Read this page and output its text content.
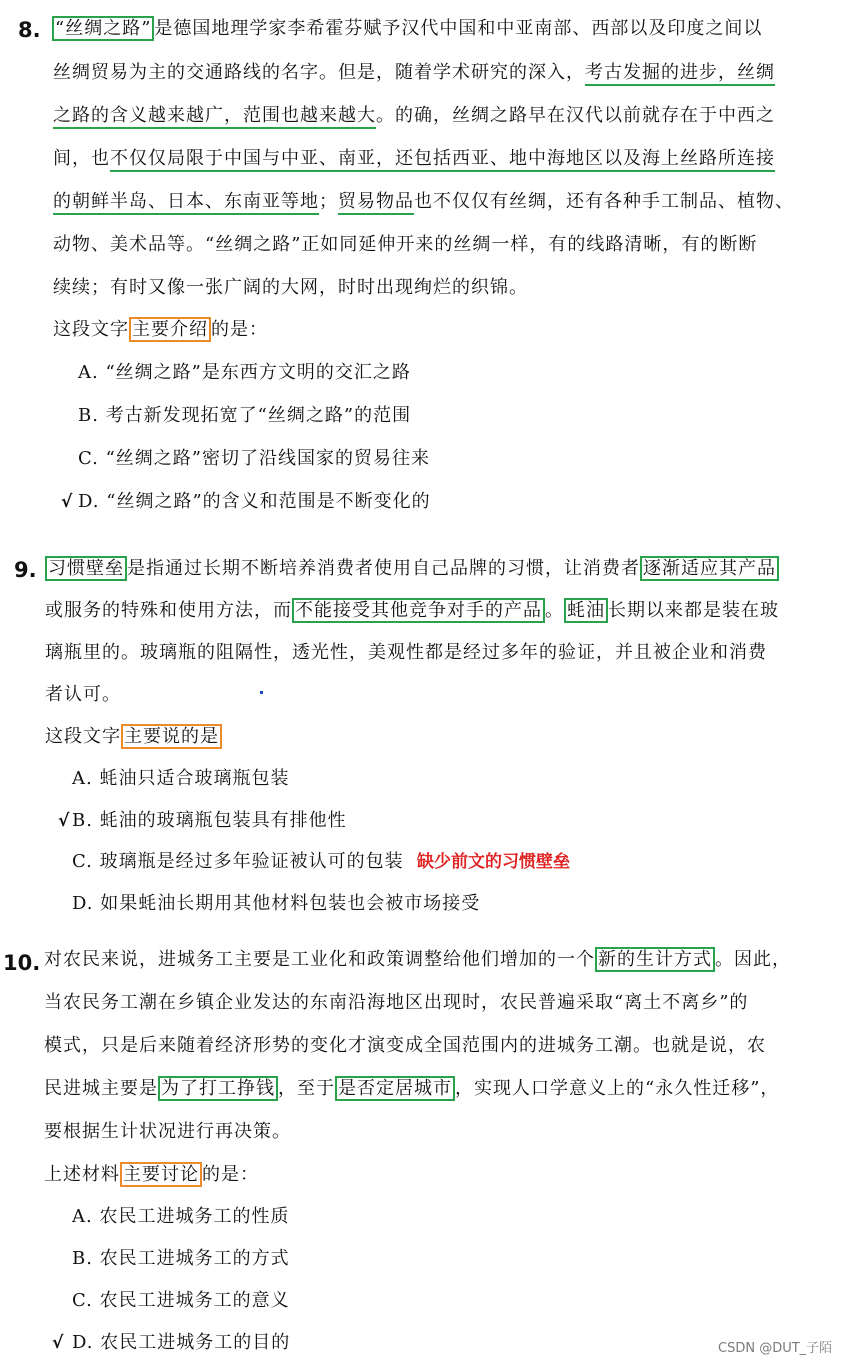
8. “丝绸之路” 是德国地理学家李希霍芬赋予汉代中国和中亚南部、西部以及印度之间以
丝绸贸易为主的交通路线的名字。但是，随着学术研究的深入，考古发掘的进步，丝绸
之路的含义越来越广，范围也越来越大。的确，丝绸之路早在汉代以前就存在于中西之
间，也不仅仅局限于中国与中亚、南亚，还包括西亚、地中海地区以及海上丝路所连接
的朝鲜半岛、日本、东南亚等地；贸易物品也不仅仅有丝绸，还有各种手工制品、植物、
动物、美术品等。“丝绸之路”正如同延伸开来的丝绸一样，有的线路清晰，有的断断
续续；有时又像一张广阔的大网，时时出现绚烂的织锦。
这段文字 主要介绍 的是：
A. “丝绸之路”是东西方文明的交汇之路
B. 考古新发现拓宽了“丝绸之路”的范围
C. “丝绸之路”密切了沿线国家的贸易往来
√ D. “丝绸之路”的含义和范围是不断变化的
9. 习惯壁垒 是指通过长期不断培养消费者使用自己品牌的习惯，让消费者 逐渐适应其产品
或服务的特殊和使用方法，而 不能接受其他竞争对手的产品 。 蚝油 长期以来都是装在玻
璃瓶里的。玻璃瓶的阻隔性，透光性，美观性都是经过多年的验证，并且被企业和消费
者认可。
这段文字 主要说的是
A. 蚝油只适合玻璃瓶包装
√ B. 蚝油的玻璃瓶包装具有排他性
C. 玻璃瓶是经过多年验证被认可的包装 缺少前文的习惯壁垒
D. 如果蚝油长期用其他材料包装也会被市场接受
10. 对农民来说，进城务工主要是工业化和政策调整给他们增加的一个 新的生计方式 。因此，
当农民务工潮在乡镇企业发达的东南沿海地区出现时，农民普遍采取“离土不离乡”的
模式，只是后来随着经济形势的变化才演变成全国范围内的进城务工潮。也就是说，农
民进城主要是 为了打工挣钱 ，至于 是否定居城市 ，实现人口学意义上的“永久性迁移”，
要根据生计状况进行再决策。
上述材料 主要讨论 的是：
A. 农民工进城务工的性质
B. 农民工进城务工的方式
C. 农民工进城务工的意义
√ D. 农民工进城务工的目的	CSDN @DUT_子陌
